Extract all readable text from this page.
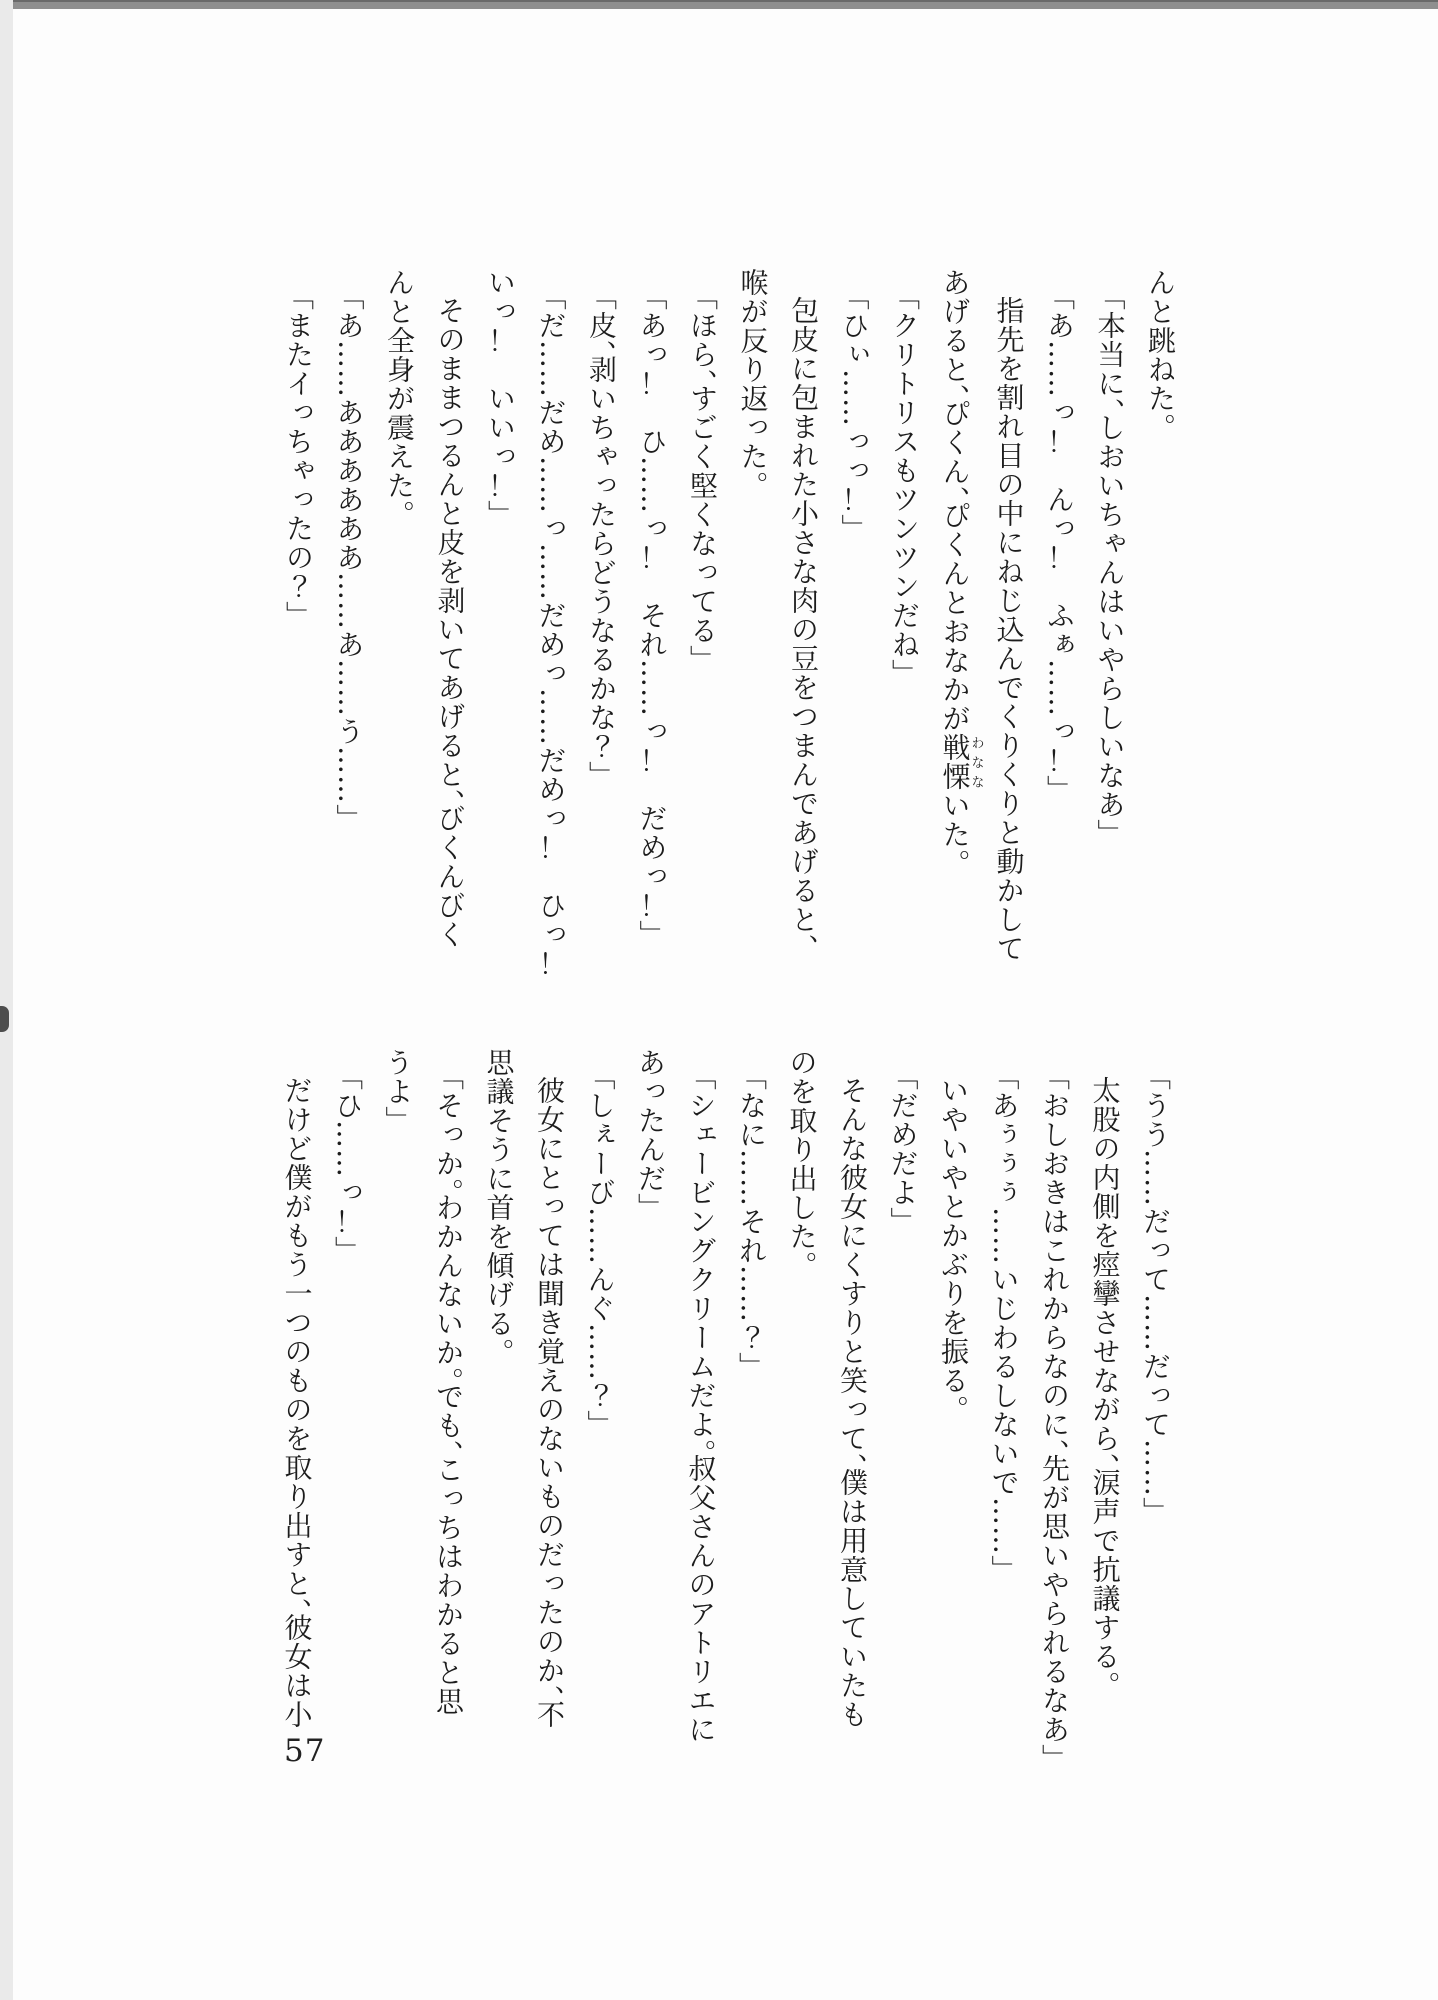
んと跳ねた。
「本当に、しおいちゃんはいやらしいなあ」
「あ……っ！　んっ！　ふぁ……っ！」
指先を割れ目の中にねじ込んでくりくりと動かして
あげると、ぴくん、ぴくんとおなかが戦慄わなないた。
「クリトリスもツンツンだね」
「ひぃ……っっ！」
包皮に包まれた小さな肉の豆をつまんであげると、
喉が反り返った。
「ほら、すごく堅くなってる」
「あっ！　ひ……っ！　それ……っ！　だめっ！」
「皮、剥いちゃったらどうなるかな？」
「だ……だめ……っ……だめっ……だめっ！　ひっ！
いっ！　いいっ！」
そのままつるんと皮を剥いてあげると、びくんびく
んと全身が震えた。
「あ……ああああああ……あ……う……」
「またイっちゃったの？」
「うう……だって……だって……」
太股の内側を痙攣させながら、涙声で抗議する。
「おしおきはこれからなのに、先が思いやられるなあ」
「あぅぅぅ……いじわるしないで……」
いやいやとかぶりを振る。
「だめだよ」
そんな彼女にくすりと笑って、僕は用意していたも
のを取り出した。
「なに……それ……？」
「シェービングクリームだよ。叔父さんのアトリエに
あったんだ」
「しぇーび……んぐ……？」
彼女にとっては聞き覚えのないものだったのか、不
思議そうに首を傾げる。
「そっか。わかんないか。でも、こっちはわかると思
うよ」
「ひ……っ！」
だけど僕がもう一つのものを取り出すと、彼女は小
57
